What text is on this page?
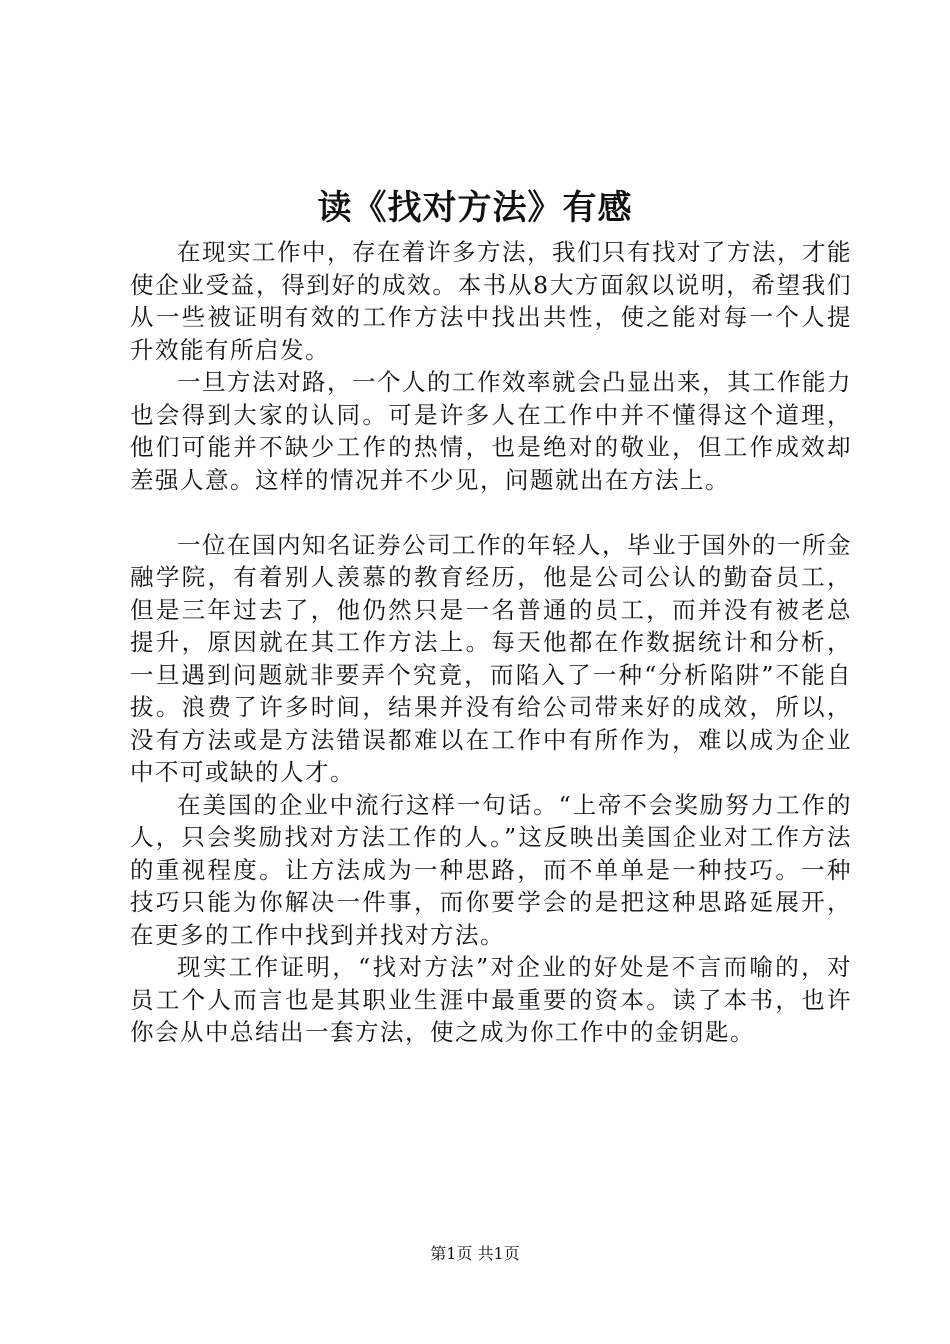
读《找对方法》有感

在现实工作中，存在着许多方法，我们只有找对了方法，才能使企业受益，得到好的成效。本书从8大方面叙以说明，希望我们从一些被证明有效的工作方法中找出共性，使之能对每一个人提升效能有所启发。

一旦方法对路，一个人的工作效率就会凸显出来，其工作能力也会得到大家的认同。可是许多人在工作中并不懂得这个道理，他们可能并不缺少工作的热情，也是绝对的敬业，但工作成效却差强人意。这样的情况并不少见，问题就出在方法上。

一位在国内知名证券公司工作的年轻人，毕业于国外的一所金融学院，有着别人羡慕的教育经历，他是公司公认的勤奋员工，但是三年过去了，他仍然只是一名普通的员工，而并没有被老总提升，原因就在其工作方法上。每天他都在作数据统计和分析，一旦遇到问题就非要弄个究竟，而陷入了一种“分析陷阱”不能自拔。浪费了许多时间，结果并没有给公司带来好的成效，所以，没有方法或是方法错误都难以在工作中有所作为，难以成为企业中不可或缺的人才。

在美国的企业中流行这样一句话。“上帝不会奖励努力工作的人，只会奖励找对方法工作的人。”这反映出美国企业对工作方法的重视程度。让方法成为一种思路，而不单单是一种技巧。一种技巧只能为你解决一件事，而你要学会的是把这种思路延展开，在更多的工作中找到并找对方法。

现实工作证明，“找对方法”对企业的好处是不言而喻的，对员工个人而言也是其职业生涯中最重要的资本。读了本书，也许你会从中总结出一套方法，使之成为你工作中的金钥匙。

第1页 共1页
